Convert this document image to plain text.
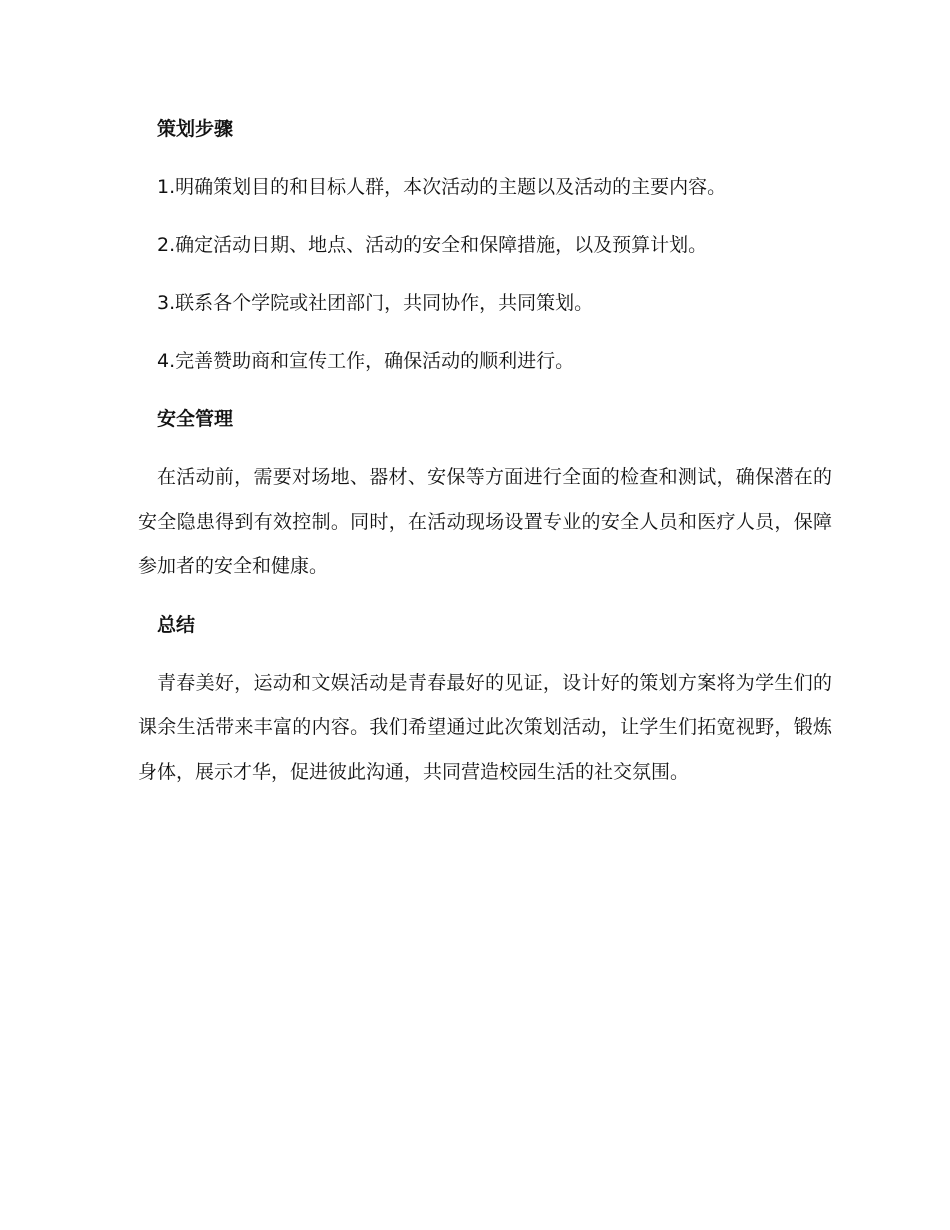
策划步骤
1.明确策划目的和目标人群，本次活动的主题以及活动的主要内容。
2.确定活动日期、地点、活动的安全和保障措施，以及预算计划。
3.联系各个学院或社团部门，共同协作，共同策划。
4.完善赞助商和宣传工作，确保活动的顺利进行。
安全管理

在活动前，需要对场地、器材、安保等方面进行全面的检查和测试，确保潜在的安全隐患得到有效控制。同时，在活动现场设置专业的安全人员和医疗人员，保障参加者的安全和健康。

总结

青春美好，运动和文娱活动是青春最好的见证，设计好的策划方案将为学生们的课余生活带来丰富的内容。我们希望通过此次策划活动，让学生们拓宽视野，锻炼身体，展示才华，促进彼此沟通，共同营造校园生活的社交氛围。
